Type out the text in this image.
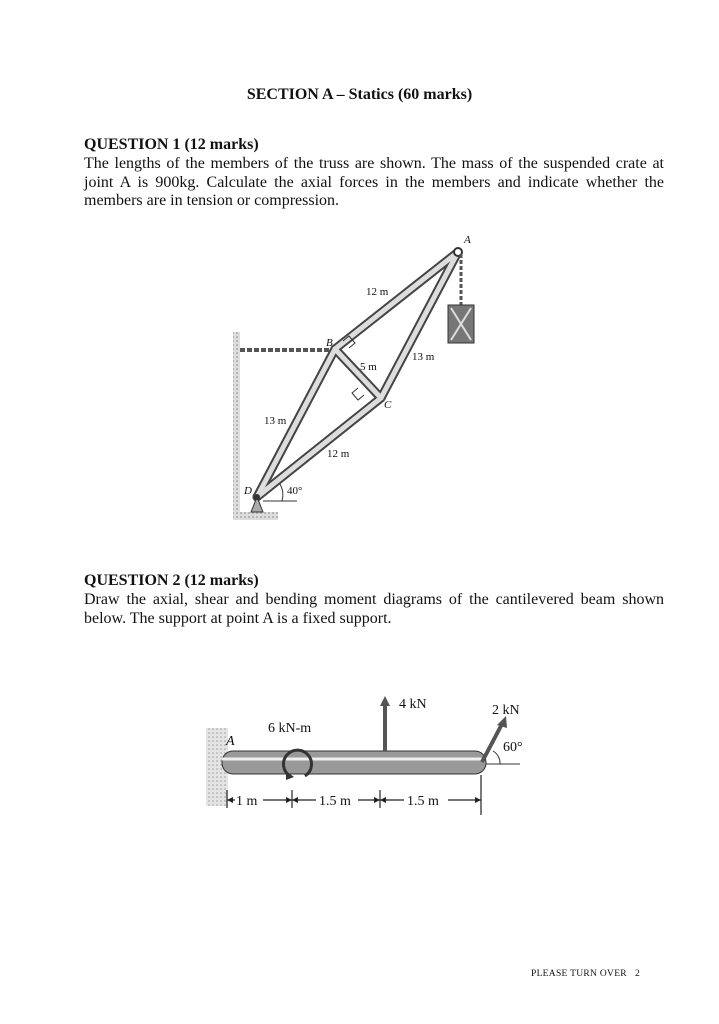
SECTION A – Statics (60 marks)
QUESTION 1 (12 marks)
The lengths of the members of the truss are shown. The mass of the suspended crate at joint A is 900kg. Calculate the axial forces in the members and indicate whether the members are in tension or compression.
A
B
C
D
12 m
5 m
13 m
13 m
12 m
40°
A
6 kN-m
4 kN	2 kN
60°
1 m	1.5 m	1.5 m
QUESTION 2 (12 marks)
Draw the axial, shear and bending moment diagrams of the cantilevered beam shown below. The support at point A is a fixed support.
PLEASE TURN OVER 2
